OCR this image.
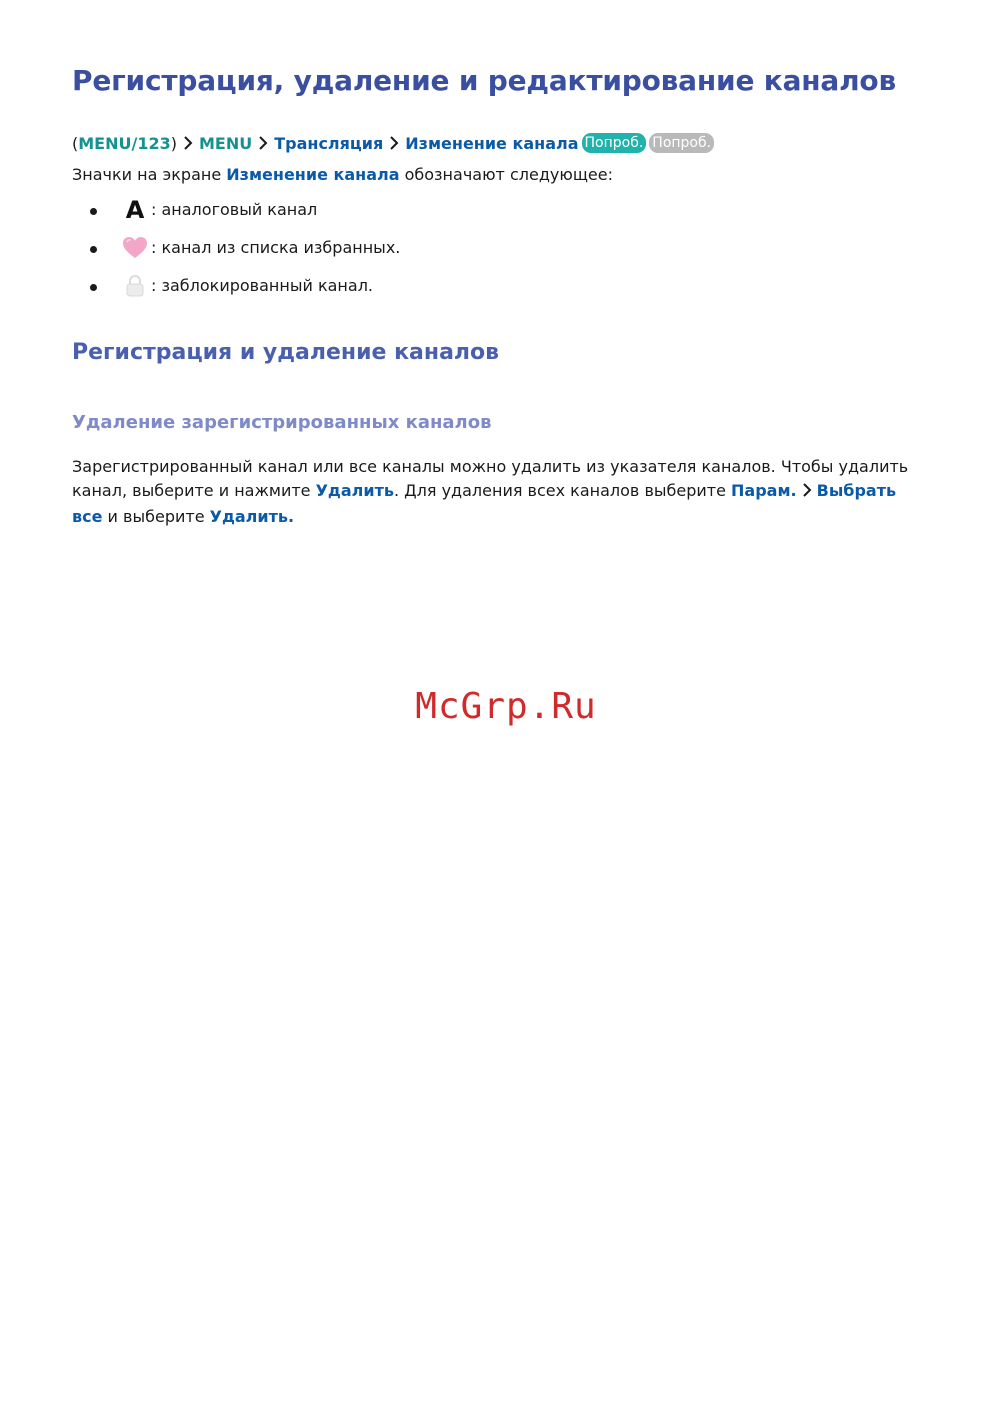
Регистрация, удаление и редактирование каналов
( MENU/123 ) MENU Трансляция Изменение канала Попроб. Попроб.
Значки на экране Изменение канала обозначают следующее:
A : аналоговый канал
: канал из списка избранных.
: заблокированный канал.
Регистрация и удаление каналов
Удаление зарегистрированных каналов

Зарегистрированный канал или все каналы можно удалить из указателя каналов. Чтобы удалить канал, выберите и нажмите Удалить. Для удаления всех каналов выберите Парам. Выбрать все и выберите Удалить.

McGrp.Ru
